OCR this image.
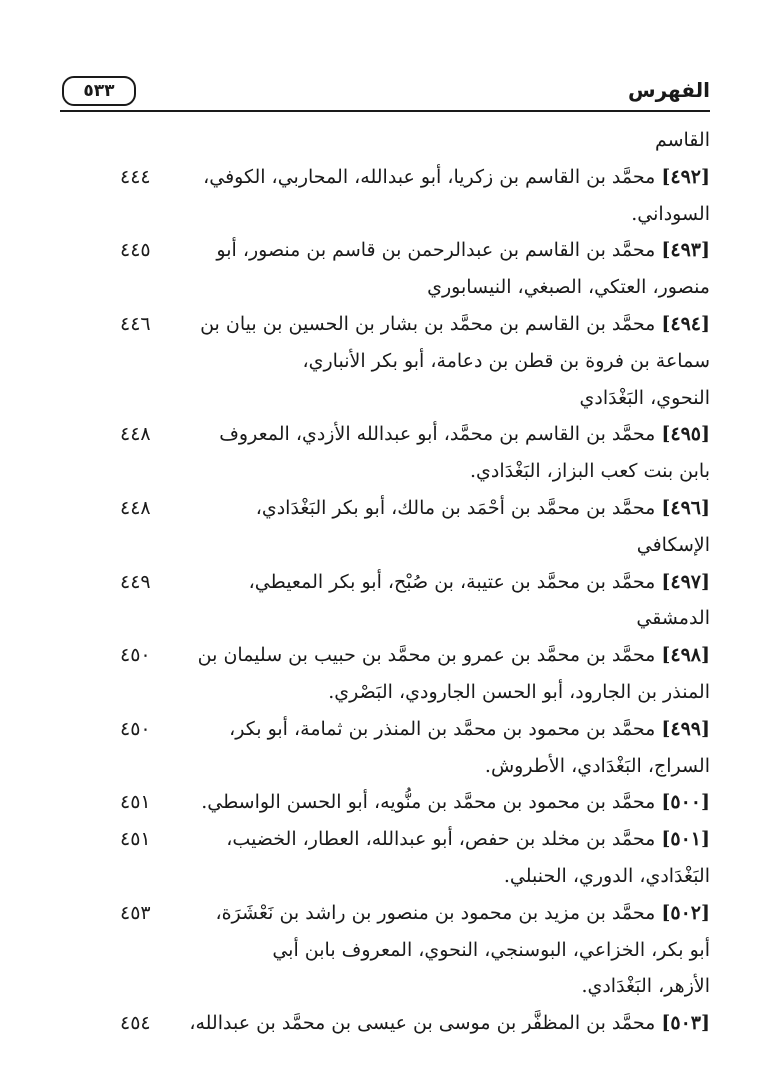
الفهرس
٥٣٣
القاسم
[٤٩٢] محمَّد بن القاسم بن زكريا، أبو عبدالله، المحاربي، الكوفي،
السوداني.
٤٤٤
[٤٩٣] محمَّد بن القاسم بن عبدالرحمن بن قاسم بن منصور، أبو
منصور، العتكي، الصبغي، النيسابوري
٤٤٥
[٤٩٤] محمَّد بن القاسم بن محمَّد بن بشار بن الحسين بن بيان بن
سماعة بن فروة بن قطن بن دعامة، أبو بكر الأنباري،
النحوي، البَغْدَادي
٤٤٦
[٤٩٥] محمَّد بن القاسم بن محمَّد، أبو عبدالله الأزدي، المعروف
بابن بنت كعب البزاز، البَغْدَادي.
٤٤٨
[٤٩٦] محمَّد بن محمَّد بن أحْمَد بن مالك، أبو بكر البَغْدَادي،
الإسكافي
٤٤٨
[٤٩٧] محمَّد بن محمَّد بن عتيبة، بن صُبْح، أبو بكر المعيطي،
الدمشقي
٤٤٩
[٤٩٨] محمَّد بن محمَّد بن عمرو بن محمَّد بن حبيب بن سليمان بن
المنذر بن الجارود، أبو الحسن الجارودي، البَصْري.
٤٥٠
[٤٩٩] محمَّد بن محمود بن محمَّد بن المنذر بن ثمامة، أبو بكر،
السراج، البَغْدَادي، الأطروش.
٤٥٠
[٥٠٠] محمَّد بن محمود بن محمَّد بن منُّويه، أبو الحسن الواسطي.
٤٥١
[٥٠١] محمَّد بن مخلد بن حفص، أبو عبدالله، العطار، الخضيب،
البَغْدَادي، الدوري، الحنبلي.
٤٥١
[٥٠٢] محمَّد بن مزيد بن محمود بن منصور بن راشد بن نَعْشَرَة،
أبو بكر، الخزاعي، البوسنجي، النحوي، المعروف بابن أبي
الأزهر، البَغْدَادي.
٤٥٣
[٥٠٣] محمَّد بن المظفَّر بن موسى بن عيسى بن محمَّد بن عبدالله،
٤٥٤
